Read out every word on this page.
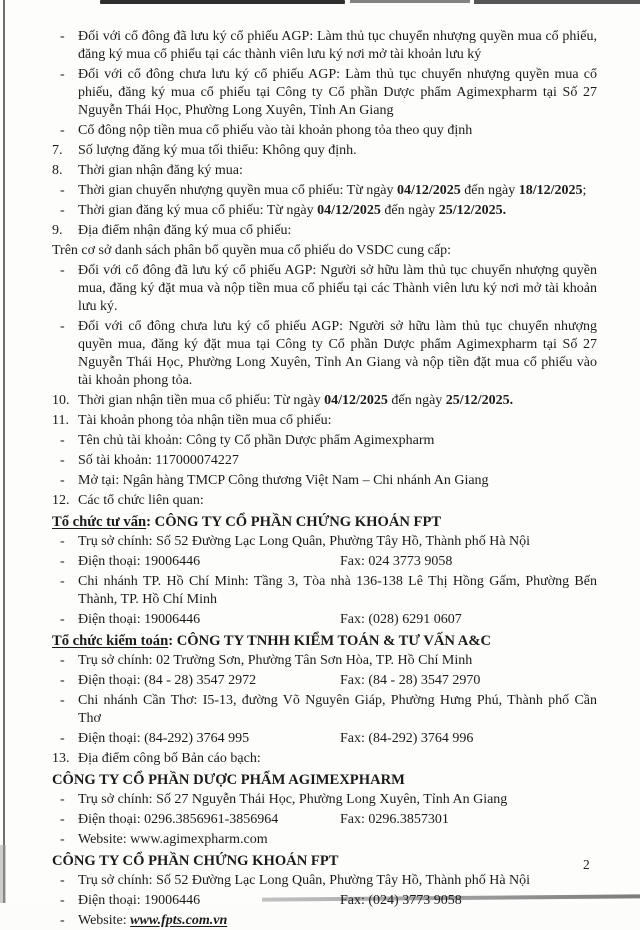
- Đối với cổ đông đã lưu ký cổ phiếu AGP: Làm thủ tục chuyển nhượng quyền mua cổ phiếu, đăng ký mua cổ phiếu tại các thành viên lưu ký nơi mở tài khoản lưu ký
- Đối với cổ đông chưa lưu ký cổ phiếu AGP: Làm thủ tục chuyển nhượng quyền mua cổ phiếu, đăng ký mua cổ phiếu tại Công ty Cổ phần Dược phẩm Agimexpharm tại Số 27 Nguyễn Thái Học, Phường Long Xuyên, Tỉnh An Giang
- Cổ đông nộp tiền mua cổ phiếu vào tài khoản phong tỏa theo quy định
7. Số lượng đăng ký mua tối thiểu: Không quy định.
8. Thời gian nhận đăng ký mua:
- Thời gian chuyển nhượng quyền mua cổ phiếu: Từ ngày 04/12/2025 đến ngày 18/12/2025;
- Thời gian đăng ký mua cổ phiếu: Từ ngày 04/12/2025 đến ngày 25/12/2025.
9. Địa điểm nhận đăng ký mua cổ phiếu:
Trên cơ sở danh sách phân bổ quyền mua cổ phiếu do VSDC cung cấp:
- Đối với cổ đông đã lưu ký cổ phiếu AGP: Người sở hữu làm thủ tục chuyển nhượng quyền mua, đăng ký đặt mua và nộp tiền mua cổ phiếu tại các Thành viên lưu ký nơi mở tài khoản lưu ký.
- Đối với cổ đông chưa lưu ký cổ phiếu AGP: Người sở hữu làm thủ tục chuyển nhượng quyền mua, đăng ký đặt mua tại Công ty Cổ phần Dược phẩm Agimexpharm tại Số 27 Nguyễn Thái Học, Phường Long Xuyên, Tỉnh An Giang và nộp tiền đặt mua cổ phiếu vào tài khoản phong tỏa.
10. Thời gian nhận tiền mua cổ phiếu: Từ ngày 04/12/2025 đến ngày 25/12/2025.
11. Tài khoản phong tỏa nhận tiền mua cổ phiếu:
- Tên chủ tài khoản: Công ty Cổ phần Dược phẩm Agimexpharm
- Số tài khoản: 117000074227
- Mở tại: Ngân hàng TMCP Công thương Việt Nam – Chi nhánh An Giang
12. Các tổ chức liên quan:
Tổ chức tư vấn: CÔNG TY CỔ PHẦN CHỨNG KHOÁN FPT
- Trụ sở chính: Số 52 Đường Lạc Long Quân, Phường Tây Hồ, Thành phố Hà Nội
- Điện thoại: 19006446	Fax: 024 3773 9058
- Chi nhánh TP. Hồ Chí Minh: Tầng 3, Tòa nhà 136-138 Lê Thị Hồng Gấm, Phường Bến Thành, TP. Hồ Chí Minh
- Điện thoại: 19006446	Fax: (028) 6291 0607
Tổ chức kiểm toán: CÔNG TY TNHH KIỂM TOÁN & TƯ VẤN A&C
- Trụ sở chính: 02 Trường Sơn, Phường Tân Sơn Hòa, TP. Hồ Chí Minh
- Điện thoại: (84 - 28) 3547 2972	Fax: (84 - 28) 3547 2970
- Chi nhánh Cần Thơ: I5-13, đường Võ Nguyên Giáp, Phường Hưng Phú, Thành phố Cần Thơ
- Điện thoại: (84-292) 3764 995	Fax: (84-292) 3764 996
13. Địa điểm công bố Bản cáo bạch:
CÔNG TY CỔ PHẦN DƯỢC PHẨM AGIMEXPHARM
- Trụ sở chính: Số 27 Nguyễn Thái Học, Phường Long Xuyên, Tỉnh An Giang
- Điện thoại: 0296.3856961-3856964	Fax: 0296.3857301
- Website: www.agimexpharm.com
CÔNG TY CỔ PHẦN CHỨNG KHOÁN FPT
- Trụ sở chính: Số 52 Đường Lạc Long Quân, Phường Tây Hồ, Thành phố Hà Nội
- Điện thoại: 19006446	Fax: (024) 3773 9058
- Website: www.fpts.com.vn
2
